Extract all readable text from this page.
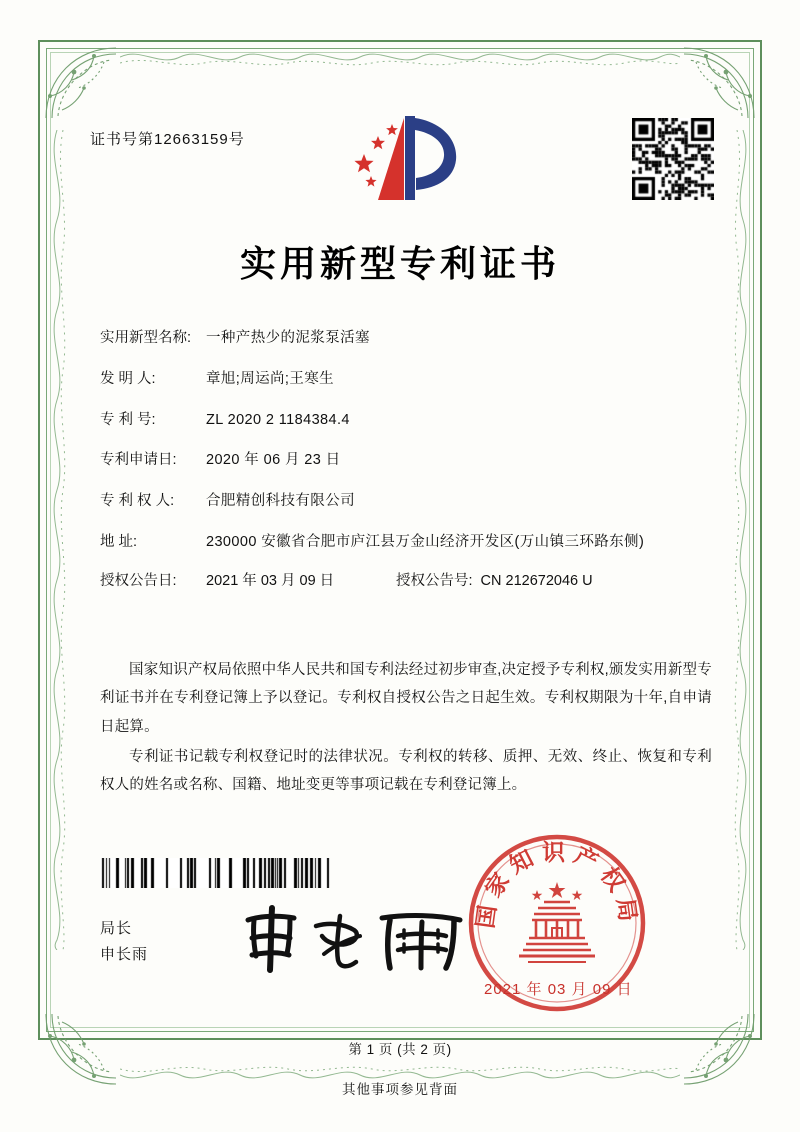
证书号第12663159号
实用新型专利证书
实用新型名称:	一种产热少的泥浆泵活塞
发 明 人:	章旭;周运尚;王寒生
专 利 号:	ZL 2020 2 1184384.4
专利申请日:	2020 年 06 月 23 日
专 利 权 人:	合肥精创科技有限公司
地 址:	230000 安徽省合肥市庐江县万金山经济开发区(万山镇三环路东侧)
授权公告日:	2021 年 03 月 09 日	授权公告号: CN 212672046 U

国家知识产权局依照中华人民共和国专利法经过初步审查,决定授予专利权,颁发实用新型专利证书并在专利登记簿上予以登记。专利权自授权公告之日起生效。专利权期限为十年,自申请日起算。

专利证书记载专利权登记时的法律状况。专利权的转移、质押、无效、终止、恢复和专利权人的姓名或名称、国籍、地址变更等事项记载在专利登记簿上。

局长
申长雨
国家知识产权局
2021 年 03 月 09 日
第 1 页 (共 2 页)
其他事项参见背面
